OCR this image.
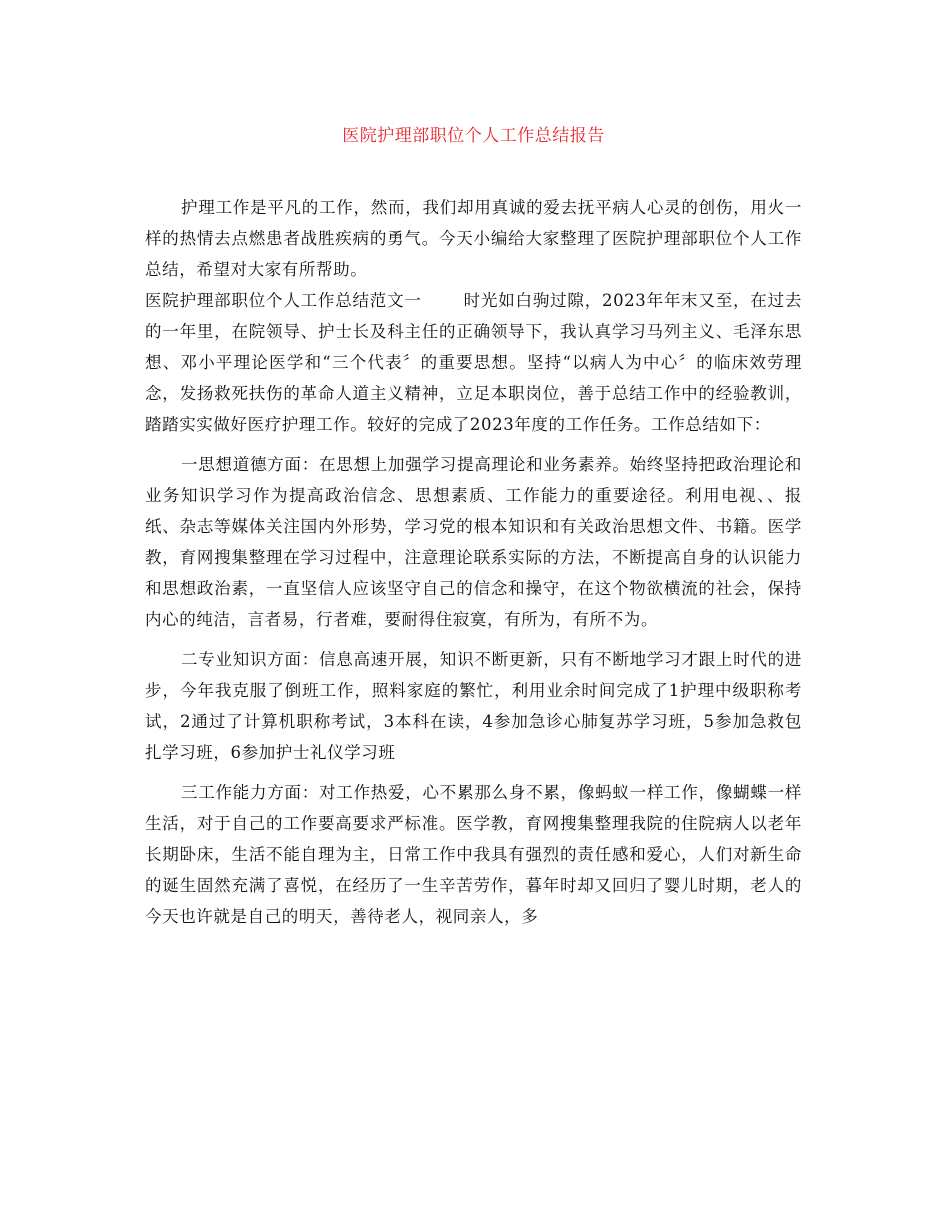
医院护理部职位个人工作总结报告

护理工作是平凡的工作，然而，我们却用真诚的爱去抚平病人心灵的创伤，用火一样的热情去点燃患者战胜疾病的勇气。今天小编给大家整理了医院护理部职位个人工作总结，希望对大家有所帮助。

医院护理部职位个人工作总结范文一	时光如白驹过隙，2023年年末又至，在过去的一年里，在院领导、护士长及科主任的正确领导下，我认真学习马列主义、毛泽东思想、邓小平理论医学和“三个代表〞的重要思想。坚持“以病人为中心〞的临床效劳理念，发扬救死扶伤的革命人道主义精神，立足本职岗位，善于总结工作中的经验教训，踏踏实实做好医疗护理工作。较好的完成了2023年度的工作任务。工作总结如下：

一思想道德方面：在思想上加强学习提高理论和业务素养。始终坚持把政治理论和业务知识学习作为提高政治信念、思想素质、工作能力的重要途径。利用电视、、报纸、杂志等媒体关注国内外形势，学习党的根本知识和有关政治思想文件、书籍。医学教，育网搜集整理在学习过程中，注意理论联系实际的方法，不断提高自身的认识能力和思想政治素，一直坚信人应该坚守自己的信念和操守，在这个物欲横流的社会，保持内心的纯洁，言者易，行者难，要耐得住寂寞，有所为，有所不为。

二专业知识方面：信息高速开展，知识不断更新，只有不断地学习才跟上时代的进步，今年我克服了倒班工作，照料家庭的繁忙，利用业余时间完成了1护理中级职称考试，2通过了计算机职称考试，3本科在读，4参加急诊心肺复苏学习班，5参加急救包扎学习班，6参加护士礼仪学习班

三工作能力方面：对工作热爱，心不累那么身不累，像蚂蚁一样工作，像蝴蝶一样生活，对于自己的工作要高要求严标准。医学教，育网搜集整理我院的住院病人以老年长期卧床，生活不能自理为主，日常工作中我具有强烈的责任感和爱心，人们对新生命的诞生固然充满了喜悦，在经历了一生辛苦劳作，暮年时却又回归了婴儿时期，老人的今天也许就是自己的明天，善待老人，视同亲人，多
